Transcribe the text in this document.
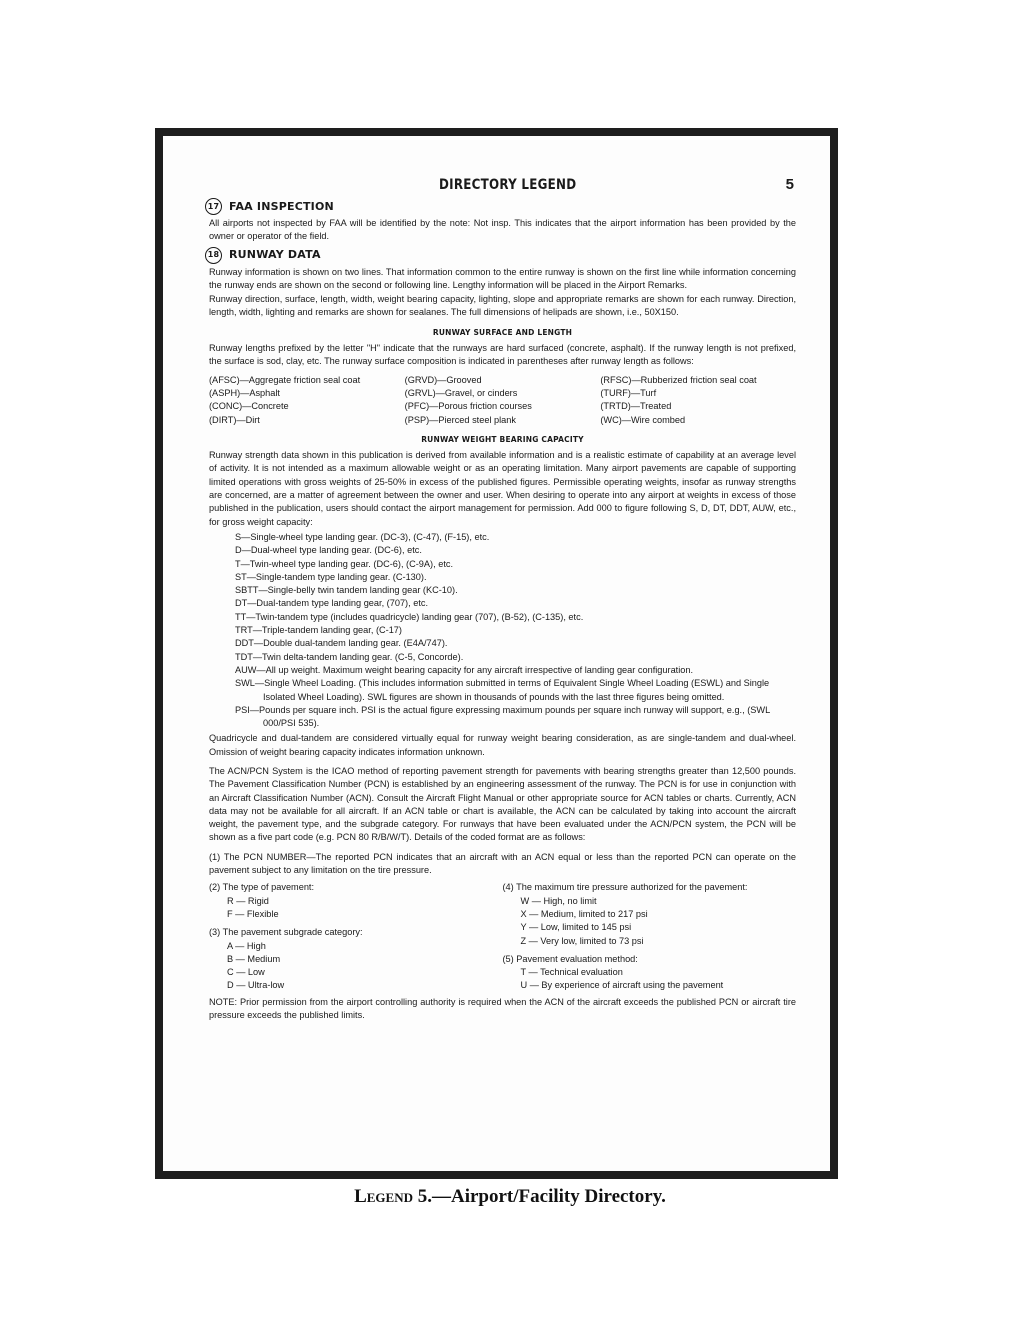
DIRECTORY LEGEND	5
17 FAA INSPECTION

All airports not inspected by FAA will be identified by the note: Not insp. This indicates that the airport information has been provided by the owner or operator of the field.

18 RUNWAY DATA

Runway information is shown on two lines. That information common to the entire runway is shown on the first line while information concerning the runway ends are shown on the second or following line. Lengthy information will be placed in the Airport Remarks.

Runway direction, surface, length, width, weight bearing capacity, lighting, slope and appropriate remarks are shown for each runway. Direction, length, width, lighting and remarks are shown for sealanes. The full dimensions of helipads are shown, i.e., 50X150.

RUNWAY SURFACE AND LENGTH

Runway lengths prefixed by the letter "H" indicate that the runways are hard surfaced (concrete, asphalt). If the runway length is not prefixed, the surface is sod, clay, etc. The runway surface composition is indicated in parentheses after runway length as follows:

(AFSC)—Aggregate friction seal coat
(ASPH)—Asphalt
(CONC)—Concrete
(DIRT)—Dirt
(GRVD)—Grooved
(GRVL)—Gravel, or cinders
(PFC)—Porous friction courses
(PSP)—Pierced steel plank
(RFSC)—Rubberized friction seal coat
(TURF)—Turf
(TRTD)—Treated
(WC)—Wire combed
RUNWAY WEIGHT BEARING CAPACITY

Runway strength data shown in this publication is derived from available information and is a realistic estimate of capability at an average level of activity. It is not intended as a maximum allowable weight or as an operating limitation. Many airport pavements are capable of supporting limited operations with gross weights of 25-50% in excess of the published figures. Permissible operating weights, insofar as runway strengths are concerned, are a matter of agreement between the owner and user. When desiring to operate into any airport at weights in excess of those published in the publication, users should contact the airport management for permission. Add 000 to figure following S, D, DT, DDT, AUW, etc., for gross weight capacity:

S—Single-wheel type landing gear. (DC-3), (C-47), (F-15), etc.
D—Dual-wheel type landing gear. (DC-6), etc.
T—Twin-wheel type landing gear. (DC-6), (C-9A), etc.
ST—Single-tandem type landing gear. (C-130).
SBTT—Single-belly twin tandem landing gear (KC-10).
DT—Dual-tandem type landing gear, (707), etc.
TT—Twin-tandem type (includes quadricycle) landing gear (707), (B-52), (C-135), etc.
TRT—Triple-tandem landing gear, (C-17)
DDT—Double dual-tandem landing gear. (E4A/747).
TDT—Twin delta-tandem landing gear. (C-5, Concorde).
AUW—All up weight. Maximum weight bearing capacity for any aircraft irrespective of landing gear configuration.
SWL—Single Wheel Loading. (This includes information submitted in terms of Equivalent Single Wheel Loading (ESWL) and Single Isolated Wheel Loading). SWL figures are shown in thousands of pounds with the last three figures being omitted.
PSI—Pounds per square inch. PSI is the actual figure expressing maximum pounds per square inch runway will support, e.g., (SWL 000/PSI 535).

Quadricycle and dual-tandem are considered virtually equal for runway weight bearing consideration, as are single-tandem and dual-wheel. Omission of weight bearing capacity indicates information unknown.

The ACN/PCN System is the ICAO method of reporting pavement strength for pavements with bearing strengths greater than 12,500 pounds. The Pavement Classification Number (PCN) is established by an engineering assessment of the runway. The PCN is for use in conjunction with an Aircraft Classification Number (ACN). Consult the Aircraft Flight Manual or other appropriate source for ACN tables or charts. Currently, ACN data may not be available for all aircraft. If an ACN table or chart is available, the ACN can be calculated by taking into account the aircraft weight, the pavement type, and the subgrade category. For runways that have been evaluated under the ACN/PCN system, the PCN will be shown as a five part code (e.g. PCN 80 R/B/W/T). Details of the coded format are as follows:

(1) The PCN NUMBER—The reported PCN indicates that an aircraft with an ACN equal or less than the reported PCN can operate on the pavement subject to any limitation on the tire pressure.

(2) The type of pavement:
R — Rigid
F — Flexible
(3) The pavement subgrade category:
A — High
B — Medium
C — Low
D — Ultra-low
(4) The maximum tire pressure authorized for the pavement:
W — High, no limit
X — Medium, limited to 217 psi
Y — Low, limited to 145 psi
Z — Very low, limited to 73 psi
(5) Pavement evaluation method:
T — Technical evaluation
U — By experience of aircraft using the pavement

NOTE: Prior permission from the airport controlling authority is required when the ACN of the aircraft exceeds the published PCN or aircraft tire pressure exceeds the published limits.

Legend 5.—Airport/Facility Directory.
